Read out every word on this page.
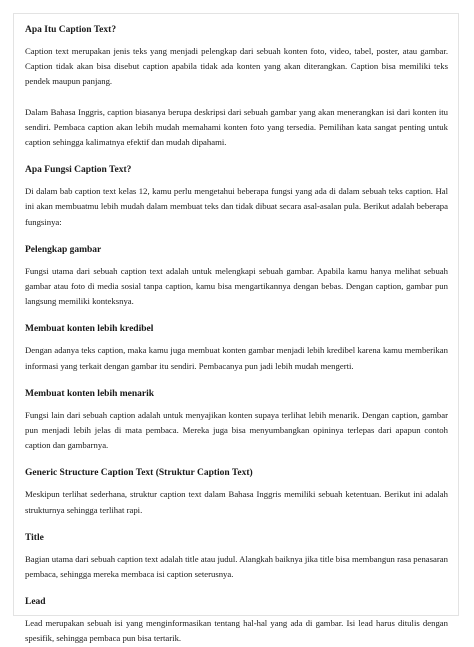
Apa Itu Caption Text?

Caption text merupakan jenis teks yang menjadi pelengkap dari sebuah konten foto, video, tabel, poster, atau gambar. Caption tidak akan bisa disebut caption apabila tidak ada konten yang akan diterangkan. Caption bisa memiliki teks pendek maupun panjang.

Dalam Bahasa Inggris, caption biasanya berupa deskripsi dari sebuah gambar yang akan menerangkan isi dari konten itu sendiri. Pembaca caption akan lebih mudah memahami konten foto yang tersedia. Pemilihan kata sangat penting untuk caption sehingga kalimatnya efektif dan mudah dipahami.

Apa Fungsi Caption Text?

Di dalam bab caption text kelas 12, kamu perlu mengetahui beberapa fungsi yang ada di dalam sebuah teks caption. Hal ini akan membuatmu lebih mudah dalam membuat teks dan tidak dibuat secara asal-asalan pula. Berikut adalah beberapa fungsinya:

Pelengkap gambar

Fungsi utama dari sebuah caption text adalah untuk melengkapi sebuah gambar. Apabila kamu hanya melihat sebuah gambar atau foto di media sosial tanpa caption, kamu bisa mengartikannya dengan bebas. Dengan caption, gambar pun langsung memiliki konteksnya.

Membuat konten lebih kredibel

Dengan adanya teks caption, maka kamu juga membuat konten gambar menjadi lebih kredibel karena kamu memberikan informasi yang terkait dengan gambar itu sendiri. Pembacanya pun jadi lebih mudah mengerti.

Membuat konten lebih menarik

Fungsi lain dari sebuah caption adalah untuk menyajikan konten supaya terlihat lebih menarik. Dengan caption, gambar pun menjadi lebih jelas di mata pembaca. Mereka juga bisa menyumbangkan opininya terlepas dari apapun contoh caption dan gambarnya.

Generic Structure Caption Text (Struktur Caption Text)

Meskipun terlihat sederhana, struktur caption text dalam Bahasa Inggris memiliki sebuah ketentuan. Berikut ini adalah strukturnya sehingga terlihat rapi.

Title

Bagian utama dari sebuah caption text adalah title atau judul. Alangkah baiknya jika title bisa membangun rasa penasaran pembaca, sehingga mereka membaca isi caption seterusnya.

Lead

Lead merupakan sebuah isi yang menginformasikan tentang hal-hal yang ada di gambar. Isi lead harus ditulis dengan spesifik, sehingga pembaca pun bisa tertarik.
